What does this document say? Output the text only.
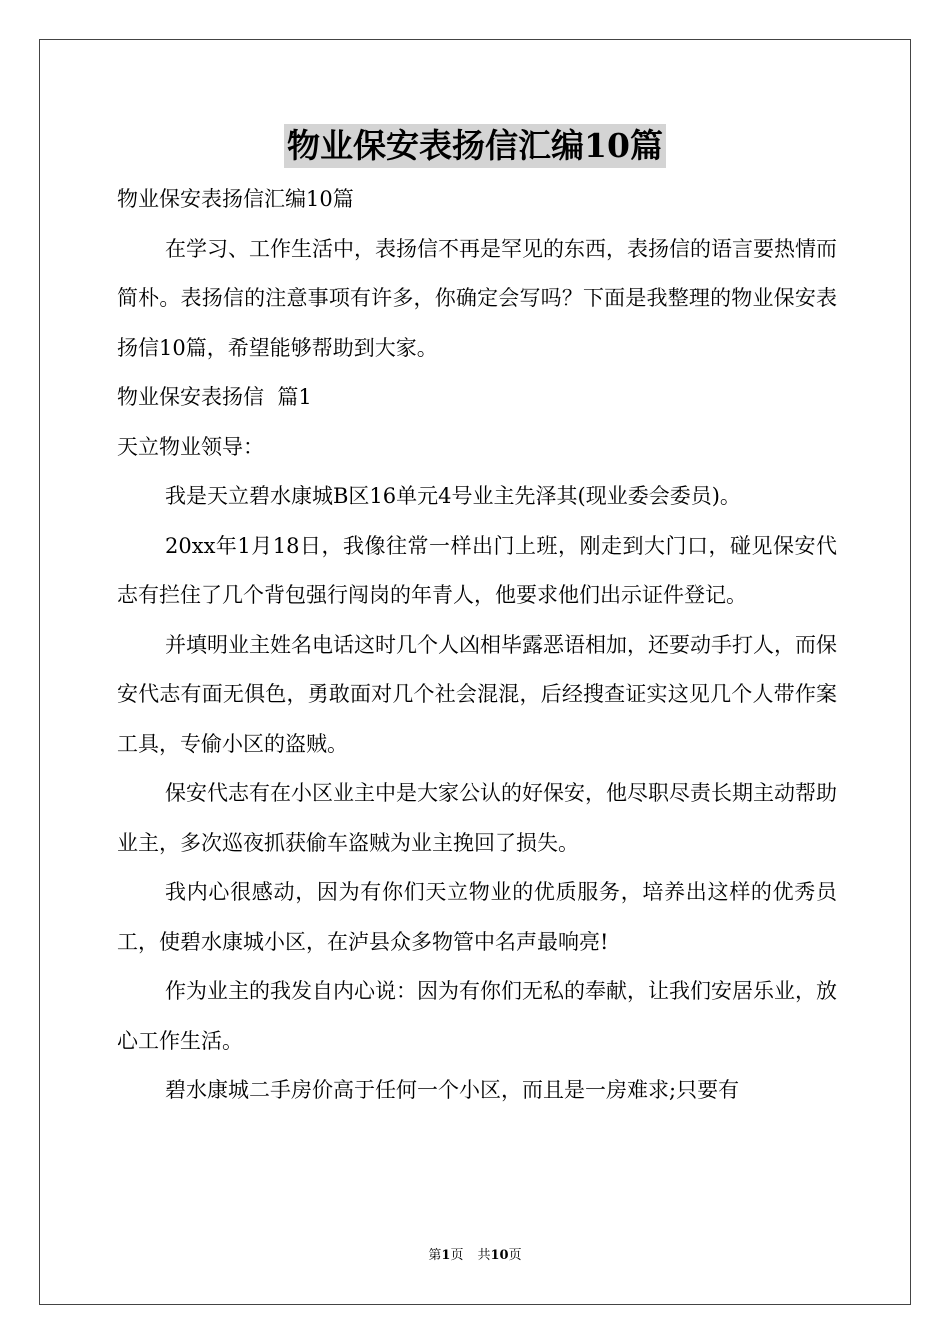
物业保安表扬信汇编10篇

物业保安表扬信汇编10篇

在学习、工作生活中，表扬信不再是罕见的东西，表扬信的语言要热情而简朴。表扬信的注意事项有许多，你确定会写吗？下面是我整理的物业保安表扬信10篇，希望能够帮助到大家。

物业保安表扬信  篇1

天立物业领导：

我是天立碧水康城B区16单元4号业主先泽其(现业委会委员)。

20xx年1月18日，我像往常一样出门上班，刚走到大门口，碰见保安代志有拦住了几个背包强行闯岗的年青人，他要求他们出示证件登记。

并填明业主姓名电话这时几个人凶相毕露恶语相加，还要动手打人，而保安代志有面无俱色，勇敢面对几个社会混混，后经搜查证实这见几个人带作案工具，专偷小区的盗贼。

保安代志有在小区业主中是大家公认的好保安，他尽职尽责长期主动帮助业主，多次巡夜抓获偷车盗贼为业主挽回了损失。

我内心很感动，因为有你们天立物业的优质服务，培养出这样的优秀员工，使碧水康城小区，在泸县众多物管中名声最响亮!

作为业主的我发自内心说：因为有你们无私的奉献，让我们安居乐业，放心工作生活。

碧水康城二手房价高于任何一个小区，而且是一房难求;只要有

第1页 共10页
